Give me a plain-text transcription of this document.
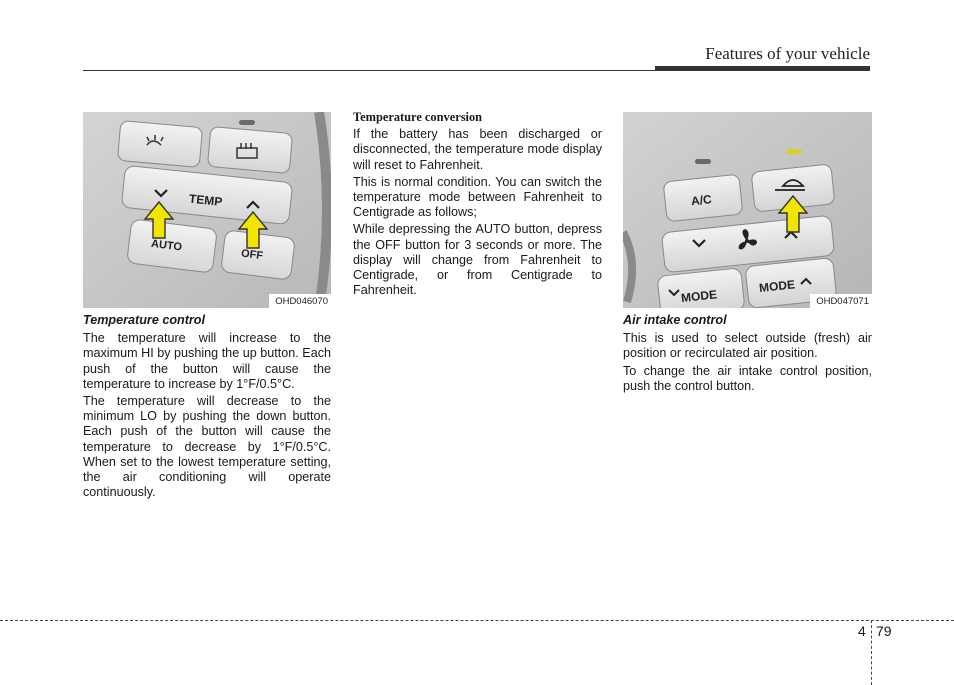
Features of your vehicle
TEMP
AUTO
OFF
OHD046070
A/C
MODE
MODE
OHD047071
Temperature control

The temperature will increase to the maximum HI by pushing the up button. Each push of the button will cause the temperature to increase by 1°F/0.5°C.

The temperature will decrease to the minimum LO by pushing the down button. Each push of the button will cause the temperature to decrease by 1°F/0.5°C. When set to the lowest temperature setting, the air conditioning will operate continuously.

Temperature conversion

If the battery has been discharged or disconnected, the temperature mode display will reset to Fahrenheit.

This is normal condition. You can switch the temperature mode between Fahrenheit to Centigrade as follows;

While depressing the AUTO button, depress the OFF button for 3 seconds or more. The display will change from Fahrenheit to Centigrade, or from Centigrade to Fahrenheit.

Air intake control

This is used to select outside (fresh) air position or recirculated air position.

To change the air intake control position, push the control button.

4 79
